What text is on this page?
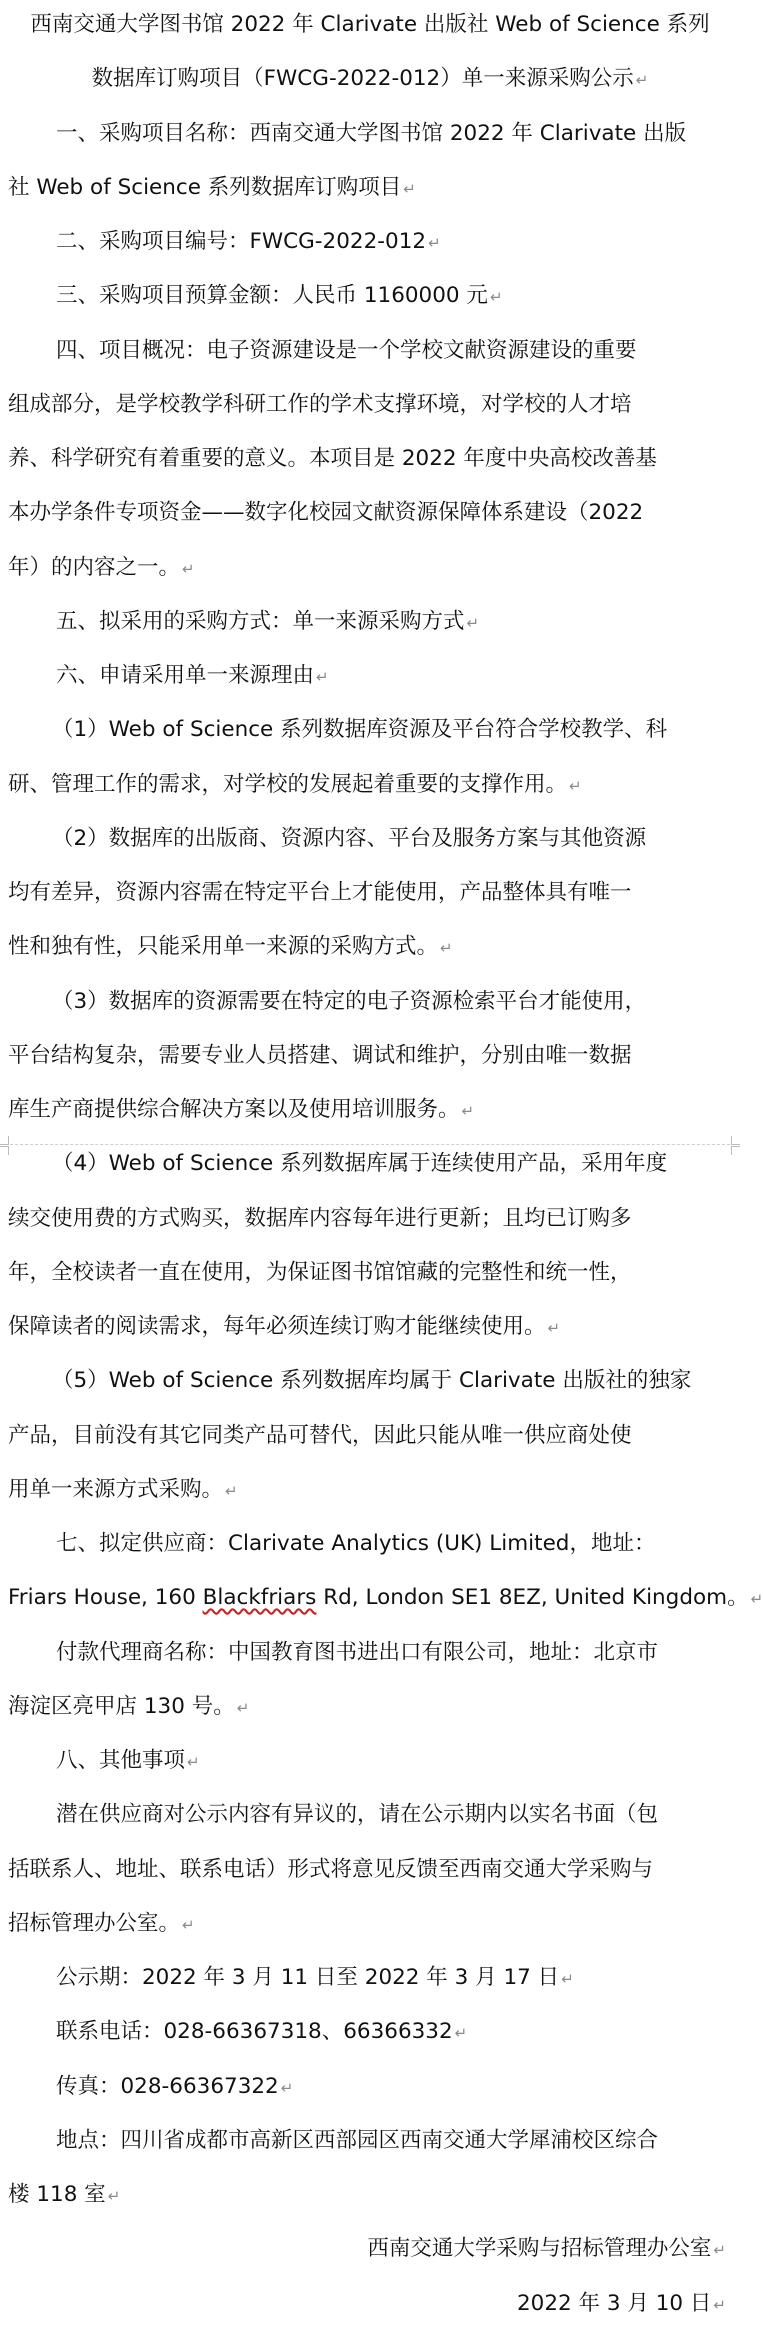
西南交通大学图书馆 2022 年 Clarivate 出版社 Web of Science 系列
数据库订购项目（FWCG-2022-012）单一来源采购公示 ↵
一、采购项目名称：西南交通大学图书馆 2022 年 Clarivate 出版
社 Web of Science 系列数据库订购项目 ↵
二、采购项目编号：FWCG-2022-012 ↵
三、采购项目预算金额：人民币 1160000 元 ↵
四、项目概况：电子资源建设是一个学校文献资源建设的重要
组成部分，是学校教学科研工作的学术支撑环境，对学校的人才培
养、科学研究有着重要的意义。本项目是 2022 年度中央高校改善基
本办学条件专项资金——数字化校园文献资源保障体系建设（2022
年）的内容之一。 ↵
五、拟采用的采购方式：单一来源采购方式 ↵
六、申请采用单一来源理由 ↵
（1）Web of Science 系列数据库资源及平台符合学校教学、科
研、管理工作的需求，对学校的发展起着重要的支撑作用。 ↵
（2）数据库的出版商、资源内容、平台及服务方案与其他资源
均有差异，资源内容需在特定平台上才能使用，产品整体具有唯一
性和独有性，只能采用单一来源的采购方式。 ↵
（3）数据库的资源需要在特定的电子资源检索平台才能使用，
平台结构复杂，需要专业人员搭建、调试和维护，分别由唯一数据
库生产商提供综合解决方案以及使用培训服务。 ↵
（4）Web of Science 系列数据库属于连续使用产品，采用年度
续交使用费的方式购买，数据库内容每年进行更新；且均已订购多
年，全校读者一直在使用，为保证图书馆馆藏的完整性和统一性，
保障读者的阅读需求，每年必须连续订购才能继续使用。 ↵
（5）Web of Science 系列数据库均属于 Clarivate 出版社的独家
产品，目前没有其它同类产品可替代，因此只能从唯一供应商处使
用单一来源方式采购。 ↵
七、拟定供应商：Clarivate Analytics (UK) Limited，地址：
Friars House, 160 Blackfriars Rd, London SE1 8EZ, United Kingdom。 ↵
付款代理商名称：中国教育图书进出口有限公司，地址：北京市
海淀区亮甲店 130 号。 ↵
八、其他事项 ↵
潜在供应商对公示内容有异议的，请在公示期内以实名书面（包
括联系人、地址、联系电话）形式将意见反馈至西南交通大学采购与
招标管理办公室。 ↵
公示期：2022 年 3 月 11 日至 2022 年 3 月 17 日 ↵
联系电话：028-66367318、66366332 ↵
传真：028-66367322 ↵
地点：四川省成都市高新区西部园区西南交通大学犀浦校区综合
楼 118 室 ↵
西南交通大学采购与招标管理办公室 ↵
2022 年 3 月 10 日 ↵
